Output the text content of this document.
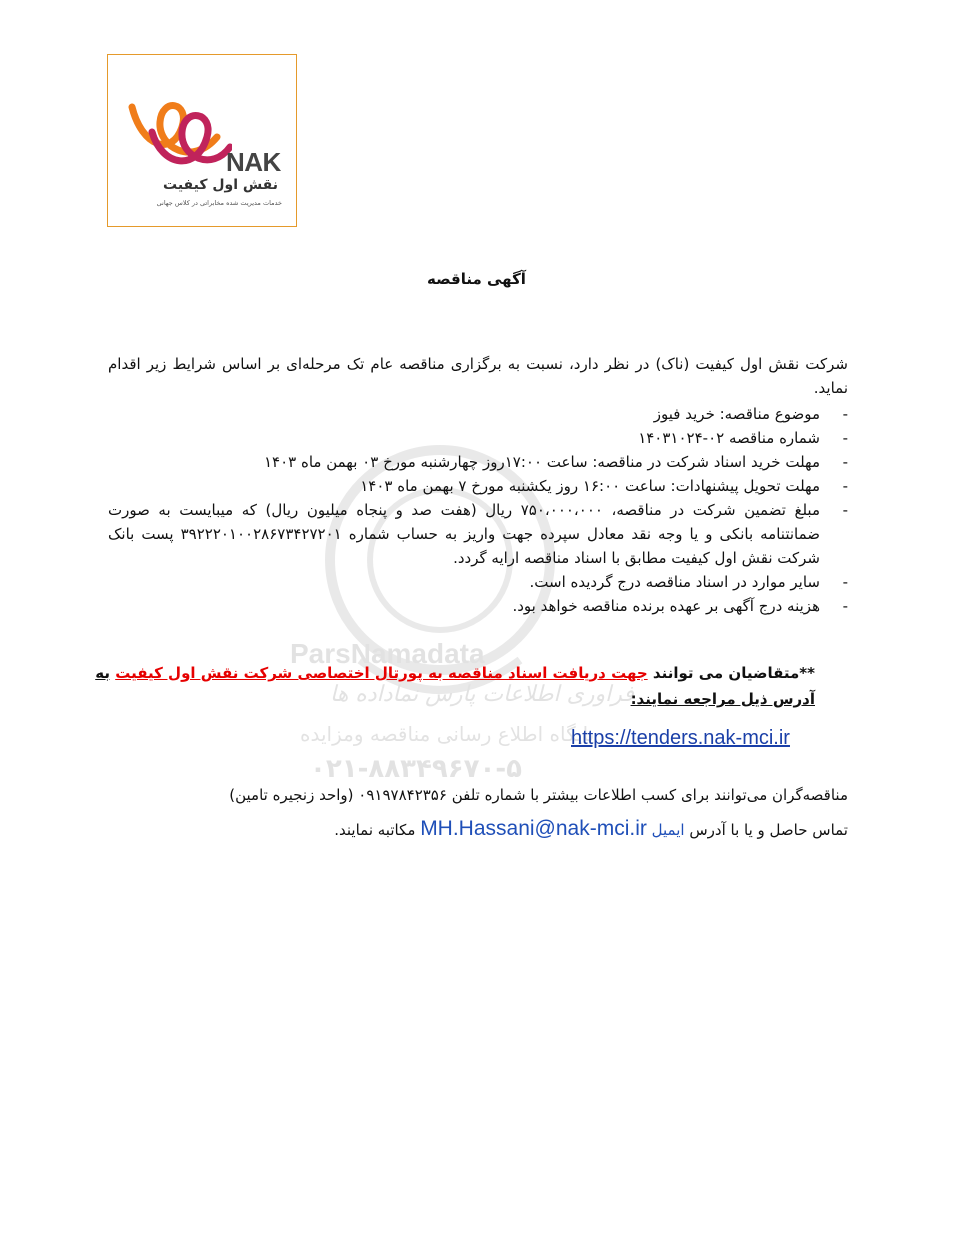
ParsNamadata
فراوری اطلاعات پارس نماداده ها
پایگاه اطلاع رسانی مناقصه ومزایده
۰۲۱-۸۸۳۴۹۶۷۰-۵
NAK
نقش اول کیفیت
خدمات مدیریت شده مخابراتی در کلاس جهانی
آگهی مناقصه
شرکت نقش اول کیفیت (ناک) در نظر دارد، نسبت به برگزاری مناقصه عام تک مرحله‌ای بر اساس شرایط زیر اقدام نماید.
- موضوع مناقصه: خرید فیوز
- شماره مناقصه ۰۲-۱۴۰۳۱۰۲۴
- مهلت خرید اسناد شرکت در مناقصه: ساعت ۱۷:۰۰روز چهارشنبه مورخ ۰۳ بهمن ماه ۱۴۰۳
- مهلت تحویل پیشنهادات: ساعت ۱۶:۰۰ روز یکشنبه مورخ ۷ بهمن ماه ۱۴۰۳
- مبلغ تضمین شرکت در مناقصه، ۷۵۰،۰۰۰،۰۰۰ ریال (هفت صد و پنجاه میلیون ریال) که میبایست به صورت ضمانتنامه بانکی و یا وجه نقد معادل سپرده جهت واریز به حساب شماره ۳۹۲۲۲۰۱۰۰۲۸۶۷۳۴۲۷۲۰۱ پست بانک شرکت نقش اول کیفیت مطابق با اسناد مناقصه ارایه گردد.
- سایر موارد در اسناد مناقصه درج گردیده است.
- هزینه درج آگهی بر عهده برنده مناقصه خواهد بود.
**متقاضیان می توانند جهت دریافت اسناد مناقصه به پورتال اختصاصی شرکت نقش اول کیفیت به آدرس ذیل مراجعه نمایند:
https://tenders.nak-mci.ir
مناقصه‌گران می‌توانند برای کسب اطلاعات بیشتر با شماره تلفن ۰۹۱۹۷۸۴۲۳۵۶ (واحد زنجیره تامین)
تماس حاصل و یا با آدرس ایمیل MH.Hassani@nak-mci.ir مکاتبه نمایند.
